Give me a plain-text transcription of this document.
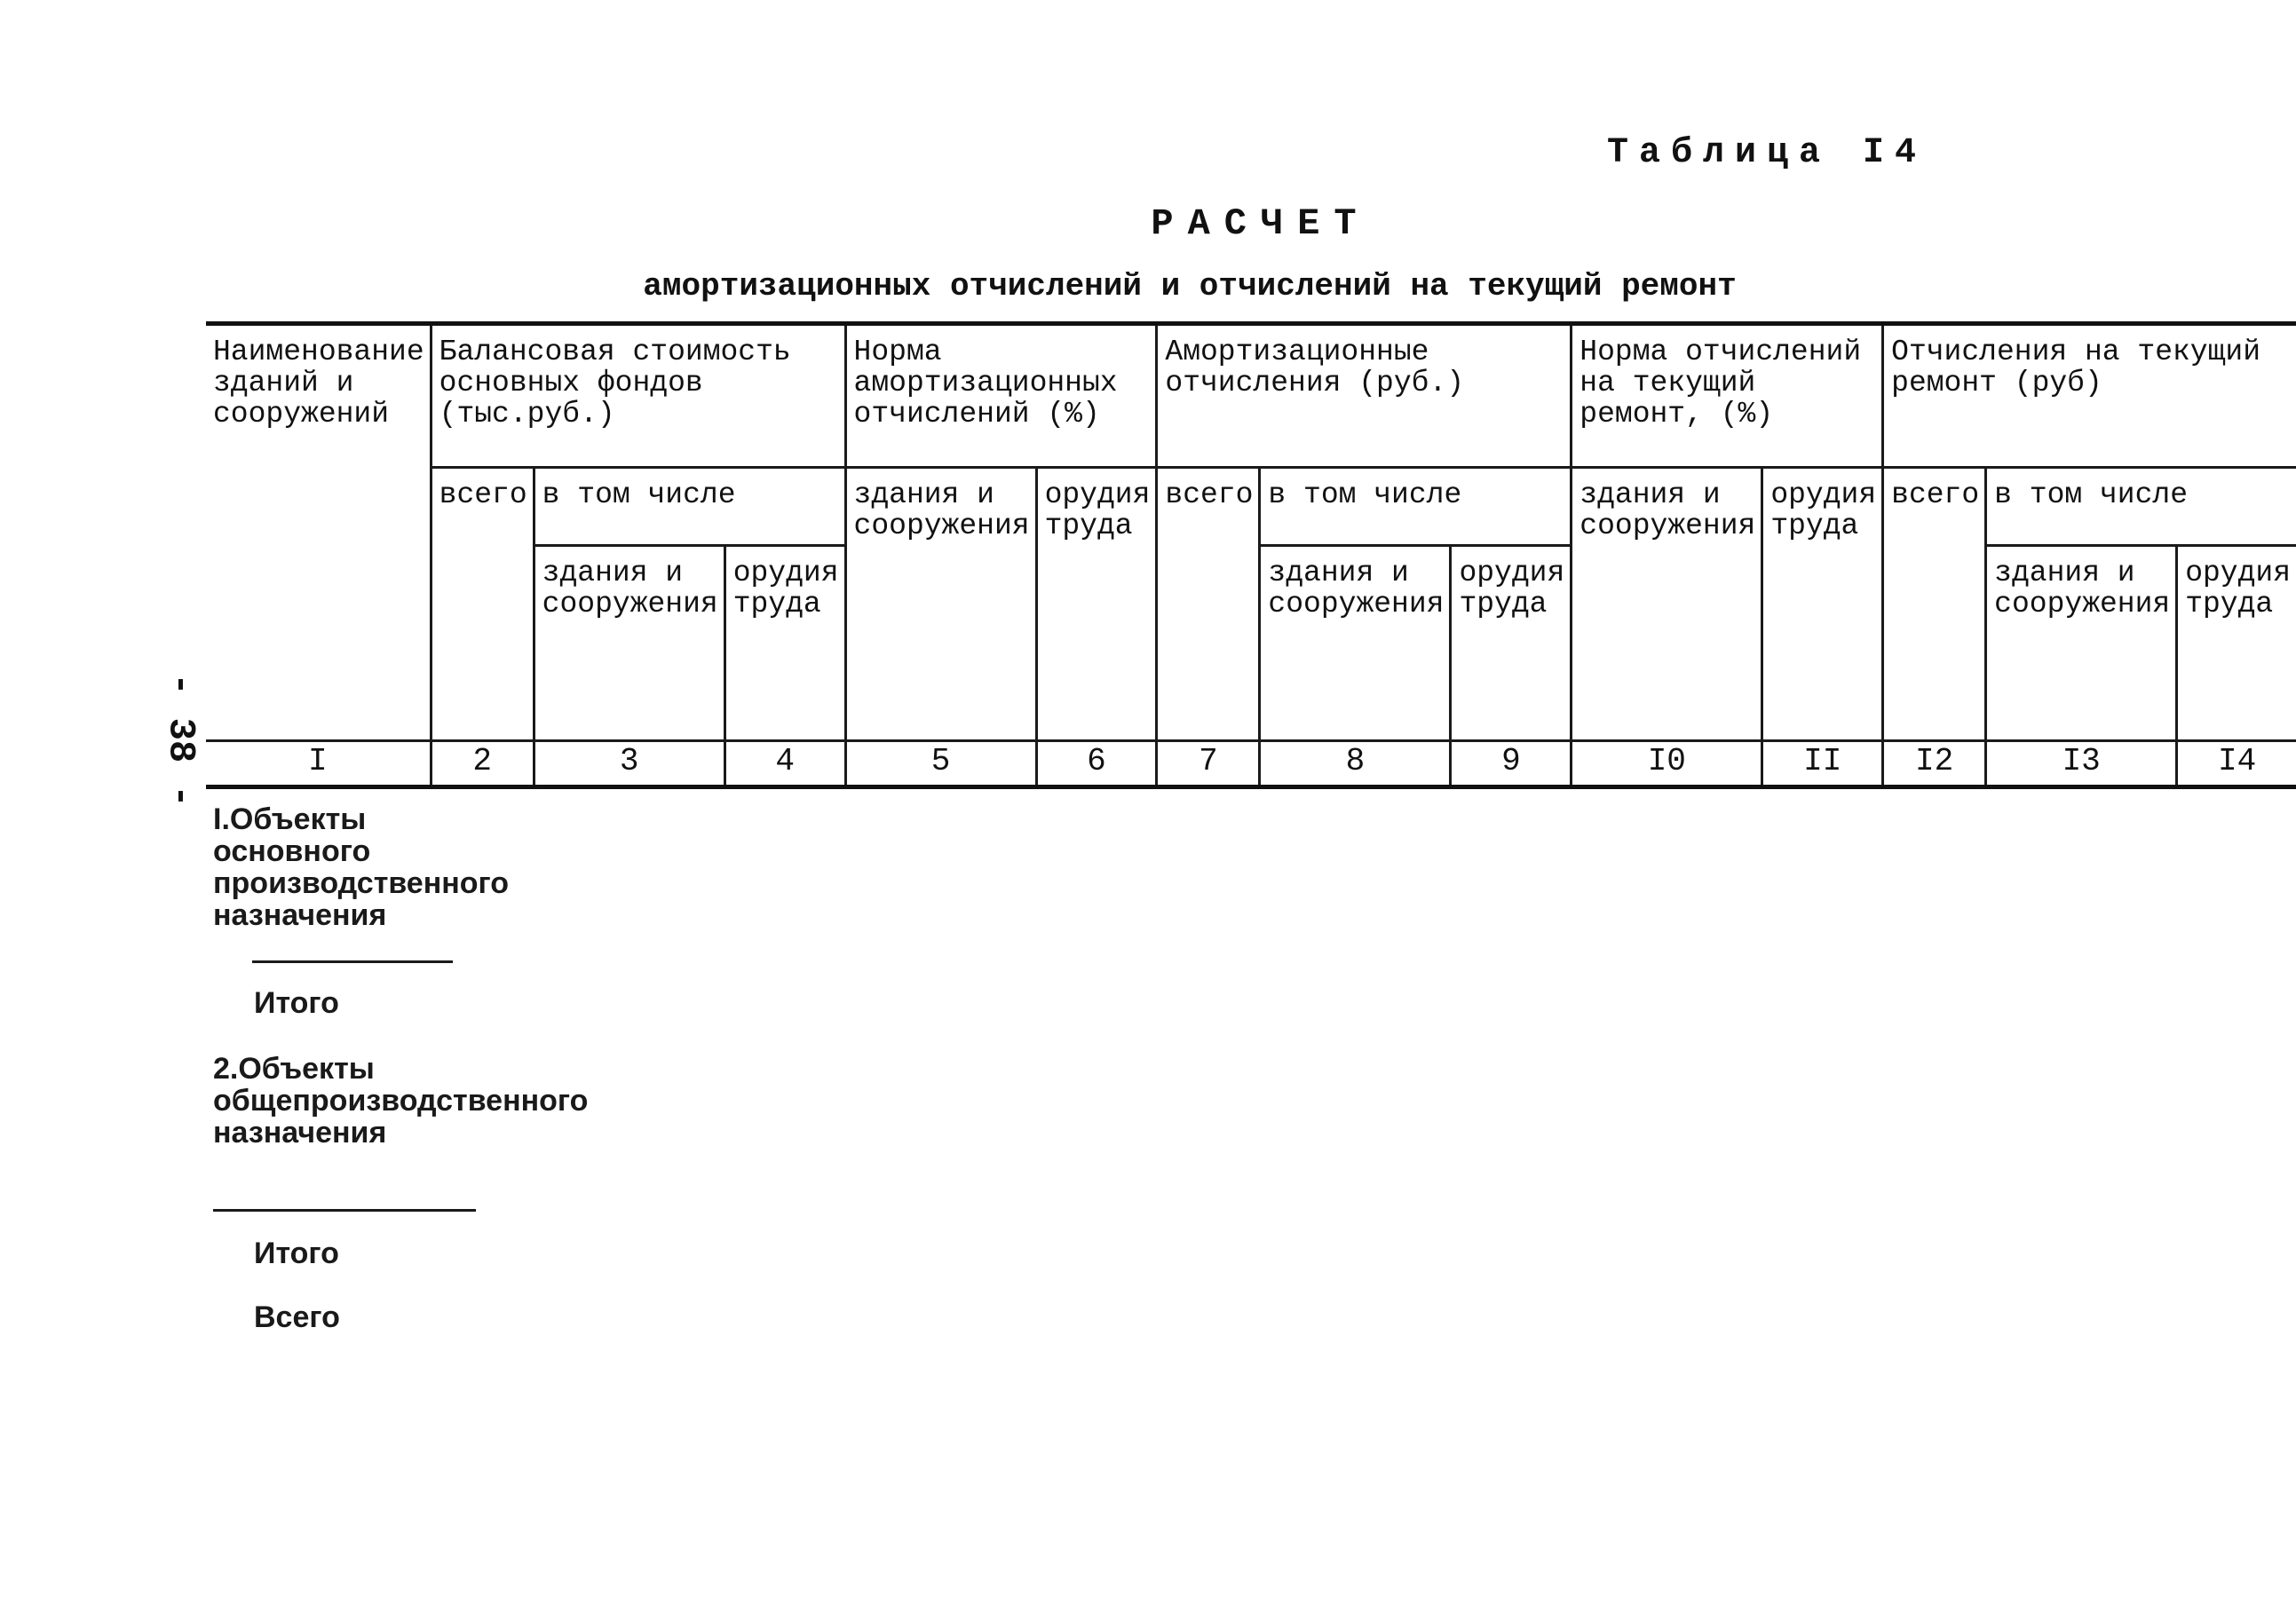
Таблица I4
РАСЧЕТ
амортизационных отчислений и отчислений на текущий ремонт
- 38 -
Наименование зданий и сооружений	Балансовая стоимость основных фондов (тыс.руб.)			Норма амортизационных отчислений (%)		Амортизационные отчисления (руб.)			Норма отчислений на текущий ремонт, (%)		Отчисления на текущий ремонт (руб)		
	всего	в том числе		здания и сооружения	орудия труда	всего	в том числе		здания и сооружения	орудия труда	всего	в том числе	
		здания и сооружения	орудия труда				здания и сооружения	орудия труда				здания и сооружения	орудия труда
I	2	3	4	5	6	7	8	9	I0	II	I2	I3	I4
I.Объекты основного производственного назначения
Итого
2.Объекты общепроизводственного назначения
Итого
Всего
